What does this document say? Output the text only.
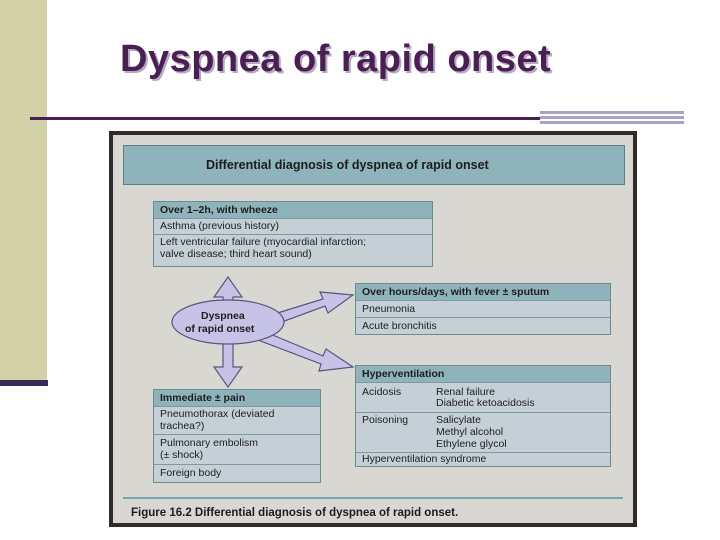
Dyspnea of rapid onset
Differential diagnosis of dyspnea of rapid onset
Dyspnea
of rapid onset
Over 1–2h, with wheeze
Asthma (previous history)
Left ventricular failure (myocardial infarction;
valve disease; third heart sound)
Over hours/days, with fever ± sputum
Pneumonia
Acute bronchitis
Hyperventilation
Acidosis	Renal failure
Diabetic ketoacidosis
Poisoning	Salicylate
Methyl alcohol
Ethylene glycol
Hyperventilation syndrome
Immediate ± pain
Pneumothorax (deviated
trachea?)
Pulmonary embolism
(± shock)
Foreign body
Figure 16.2 Differential diagnosis of dyspnea of rapid onset.
